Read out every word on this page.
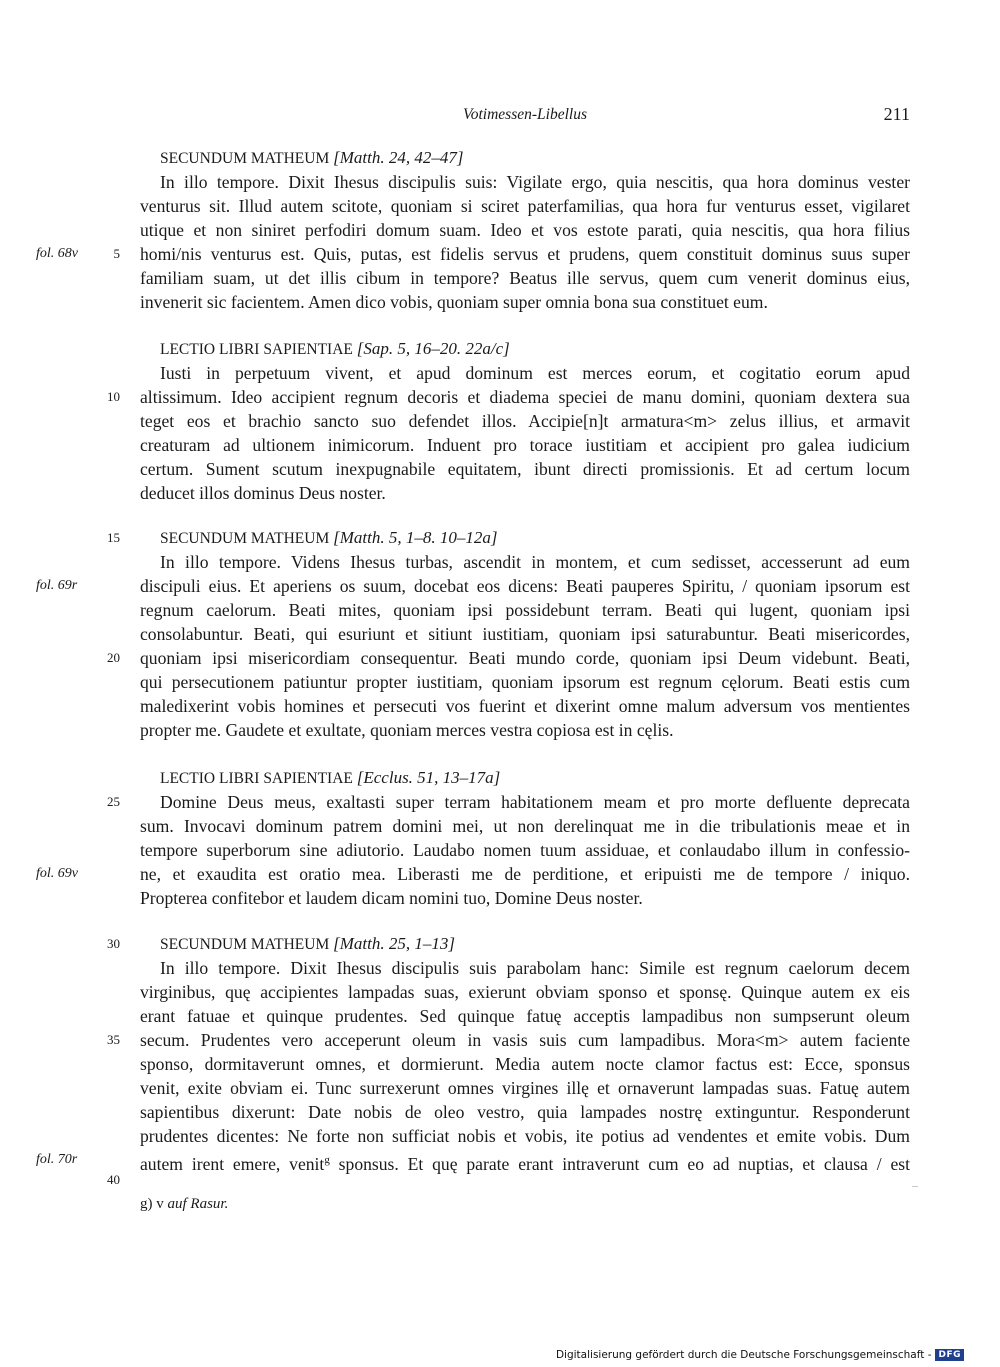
Votimessen-Libellus	211
SECUNDUM MATHEUM [Matth. 24, 42–47]
In illo tempore. Dixit Ihesus discipulis suis: Vigilate ergo, quia nescitis, qua hora dominus vester
venturus sit. Illud autem scitote, quoniam si sciret paterfamilias, qua hora fur venturus esset, vigilaret
utique et non siniret perfodiri domum suam. Ideo et vos estote parati, quia nescitis, qua hora filius
homi/nis venturus est. Quis, putas, est fidelis servus et prudens, quem constituit dominus suus super
familiam suam, ut det illis cibum in tempore? Beatus ille servus, quem cum venerit dominus eius,
invenerit sic facientem. Amen dico vobis, quoniam super omnia bona sua constituet eum.
LECTIO LIBRI SAPIENTIAE [Sap. 5, 16–20. 22a/c]
Iusti in perpetuum vivent, et apud dominum est merces eorum, et cogitatio eorum apud
altissimum. Ideo accipient regnum decoris et diadema speciei de manu domini, quoniam dextera sua
teget eos et brachio sancto suo defendet illos. Accipie[n]t armatura<m> zelus illius, et armavit
creaturam ad ultionem inimicorum. Induent pro torace iustitiam et accipient pro galea iudicium
certum. Sument scutum inexpugnabile equitatem, ibunt directi promissionis. Et ad certum locum
deducet illos dominus Deus noster.
SECUNDUM MATHEUM [Matth. 5, 1–8. 10–12a]
In illo tempore. Videns Ihesus turbas, ascendit in montem, et cum sedisset, accesserunt ad eum
discipuli eius. Et aperiens os suum, docebat eos dicens: Beati pauperes Spiritu, / quoniam ipsorum est
regnum caelorum. Beati mites, quoniam ipsi possidebunt terram. Beati qui lugent, quoniam ipsi
consolabuntur. Beati, qui esuriunt et sitiunt iustitiam, quoniam ipsi saturabuntur. Beati misericordes,
quoniam ipsi misericordiam consequentur. Beati mundo corde, quoniam ipsi Deum videbunt. Beati,
qui persecutionem patiuntur propter iustitiam, quoniam ipsorum est regnum cęlorum. Beati estis cum
maledixerint vobis homines et persecuti vos fuerint et dixerint omne malum adversum vos mentientes
propter me. Gaudete et exultate, quoniam merces vestra copiosa est in cęlis.
LECTIO LIBRI SAPIENTIAE [Ecclus. 51, 13–17a]
Domine Deus meus, exaltasti super terram habitationem meam et pro morte defluente deprecata
sum. Invocavi dominum patrem domini mei, ut non derelinquat me in die tribulationis meae et in
tempore superborum sine adiutorio. Laudabo nomen tuum assiduae, et conlaudabo illum in confessio-
ne, et exaudita est oratio mea. Liberasti me de perditione, et eripuisti me de tempore / iniquo.
Propterea confitebor et laudem dicam nomini tuo, Domine Deus noster.
SECUNDUM MATHEUM [Matth. 25, 1–13]
In illo tempore. Dixit Ihesus discipulis suis parabolam hanc: Simile est regnum caelorum decem
virginibus, quę accipientes lampadas suas, exierunt obviam sponso et sponsę. Quinque autem ex eis
erant fatuae et quinque prudentes. Sed quinque fatuę acceptis lampadibus non sumpserunt oleum
secum. Prudentes vero acceperunt oleum in vasis suis cum lampadibus. Mora<m> autem faciente
sponso, dormitaverunt omnes, et dormierunt. Media autem nocte clamor factus est: Ecce, sponsus
venit, exite obviam ei. Tunc surrexerunt omnes virgines illę et ornaverunt lampadas suas. Fatuę autem
sapientibus dixerunt: Date nobis de oleo vestro, quia lampades nostrę extinguntur. Responderunt
prudentes dicentes: Ne forte non sufficiat nobis et vobis, ite potius ad vendentes et emite vobis. Dum
autem irent emere, venit$^g$ sponsus. Et quę parate erant intraverunt cum eo ad nuptias, et clausa / est
5
10
15
20
25
30
35
40
fol. 68v
fol. 69r
fol. 69v
fol. 70r
g) v auf Rasur.
Digitalisierung gefördert durch die Deutsche Forschungsgemeinschaft - DFG
